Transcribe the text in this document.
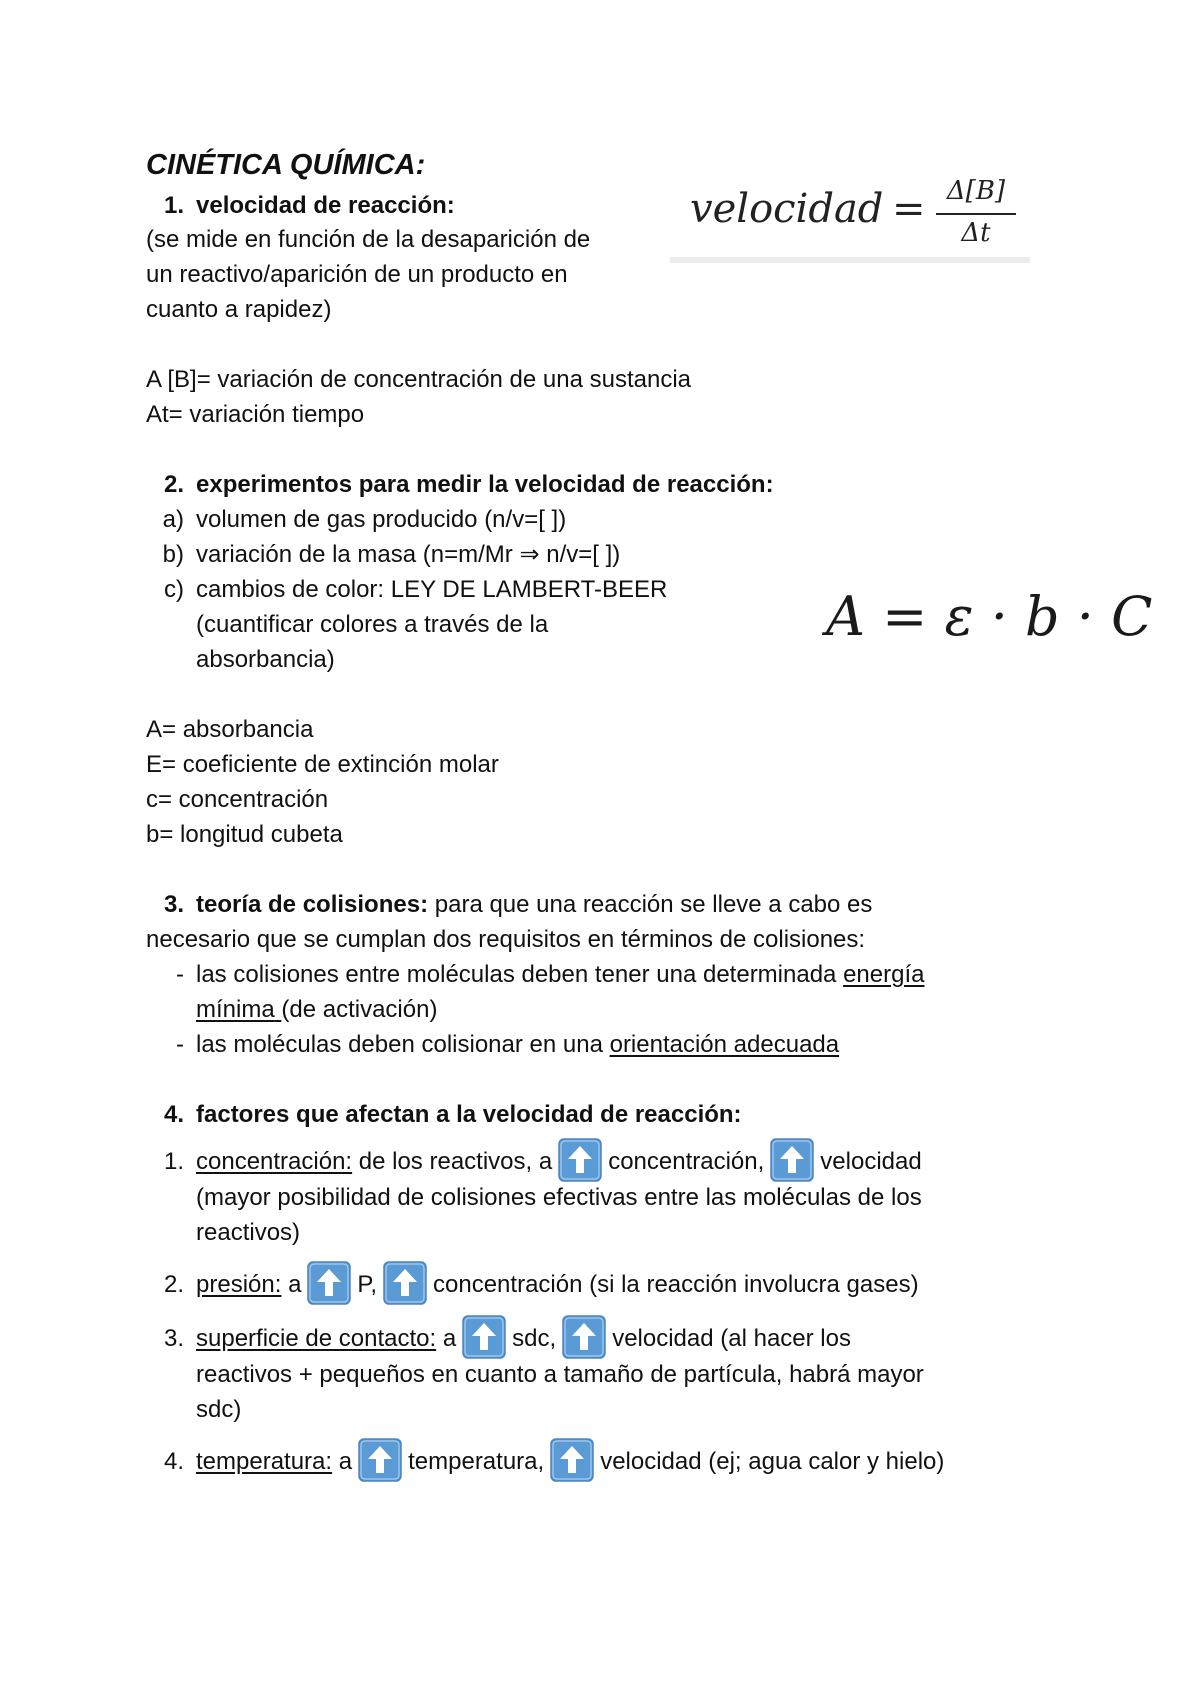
CINÉTICA QUÍMICA:
1. velocidad de reacción:
(se mide en función de la desaparición de
un reactivo/aparición de un producto en
cuanto a rapidez)
velocidad = Δ[B]
Δt
A [B]= variación de concentración de una sustancia
At= variación tiempo
2. experimentos para medir la velocidad de reacción:
a) volumen de gas producido (n/v=[ ])
b) variación de la masa (n=m/Mr ⇒ n/v=[ ])
c) cambios de color: LEY DE LAMBERT-BEER
(cuantificar colores a través de la
absorbancia)
A = ε · b · C
A= absorbancia
E= coeficiente de extinción molar
c= concentración
b= longitud cubeta
3. teoría de colisiones: para que una reacción se lleve a cabo es
necesario que se cumplan dos requisitos en términos de colisiones:
- las colisiones entre moléculas deben tener una determinada energía
mínima (de activación)
- las moléculas deben colisionar en una orientación adecuada
4. factores que afectan a la velocidad de reacción:
1. concentración: de los reactivos, a concentración, velocidad
(mayor posibilidad de colisiones efectivas entre las moléculas de los
reactivos)
2. presión: a P, concentración (si la reacción involucra gases)
3. superficie de contacto: a sdc, velocidad (al hacer los
reactivos + pequeños en cuanto a tamaño de partícula, habrá mayor
sdc)
4. temperatura: a temperatura, velocidad (ej; agua calor y hielo)
